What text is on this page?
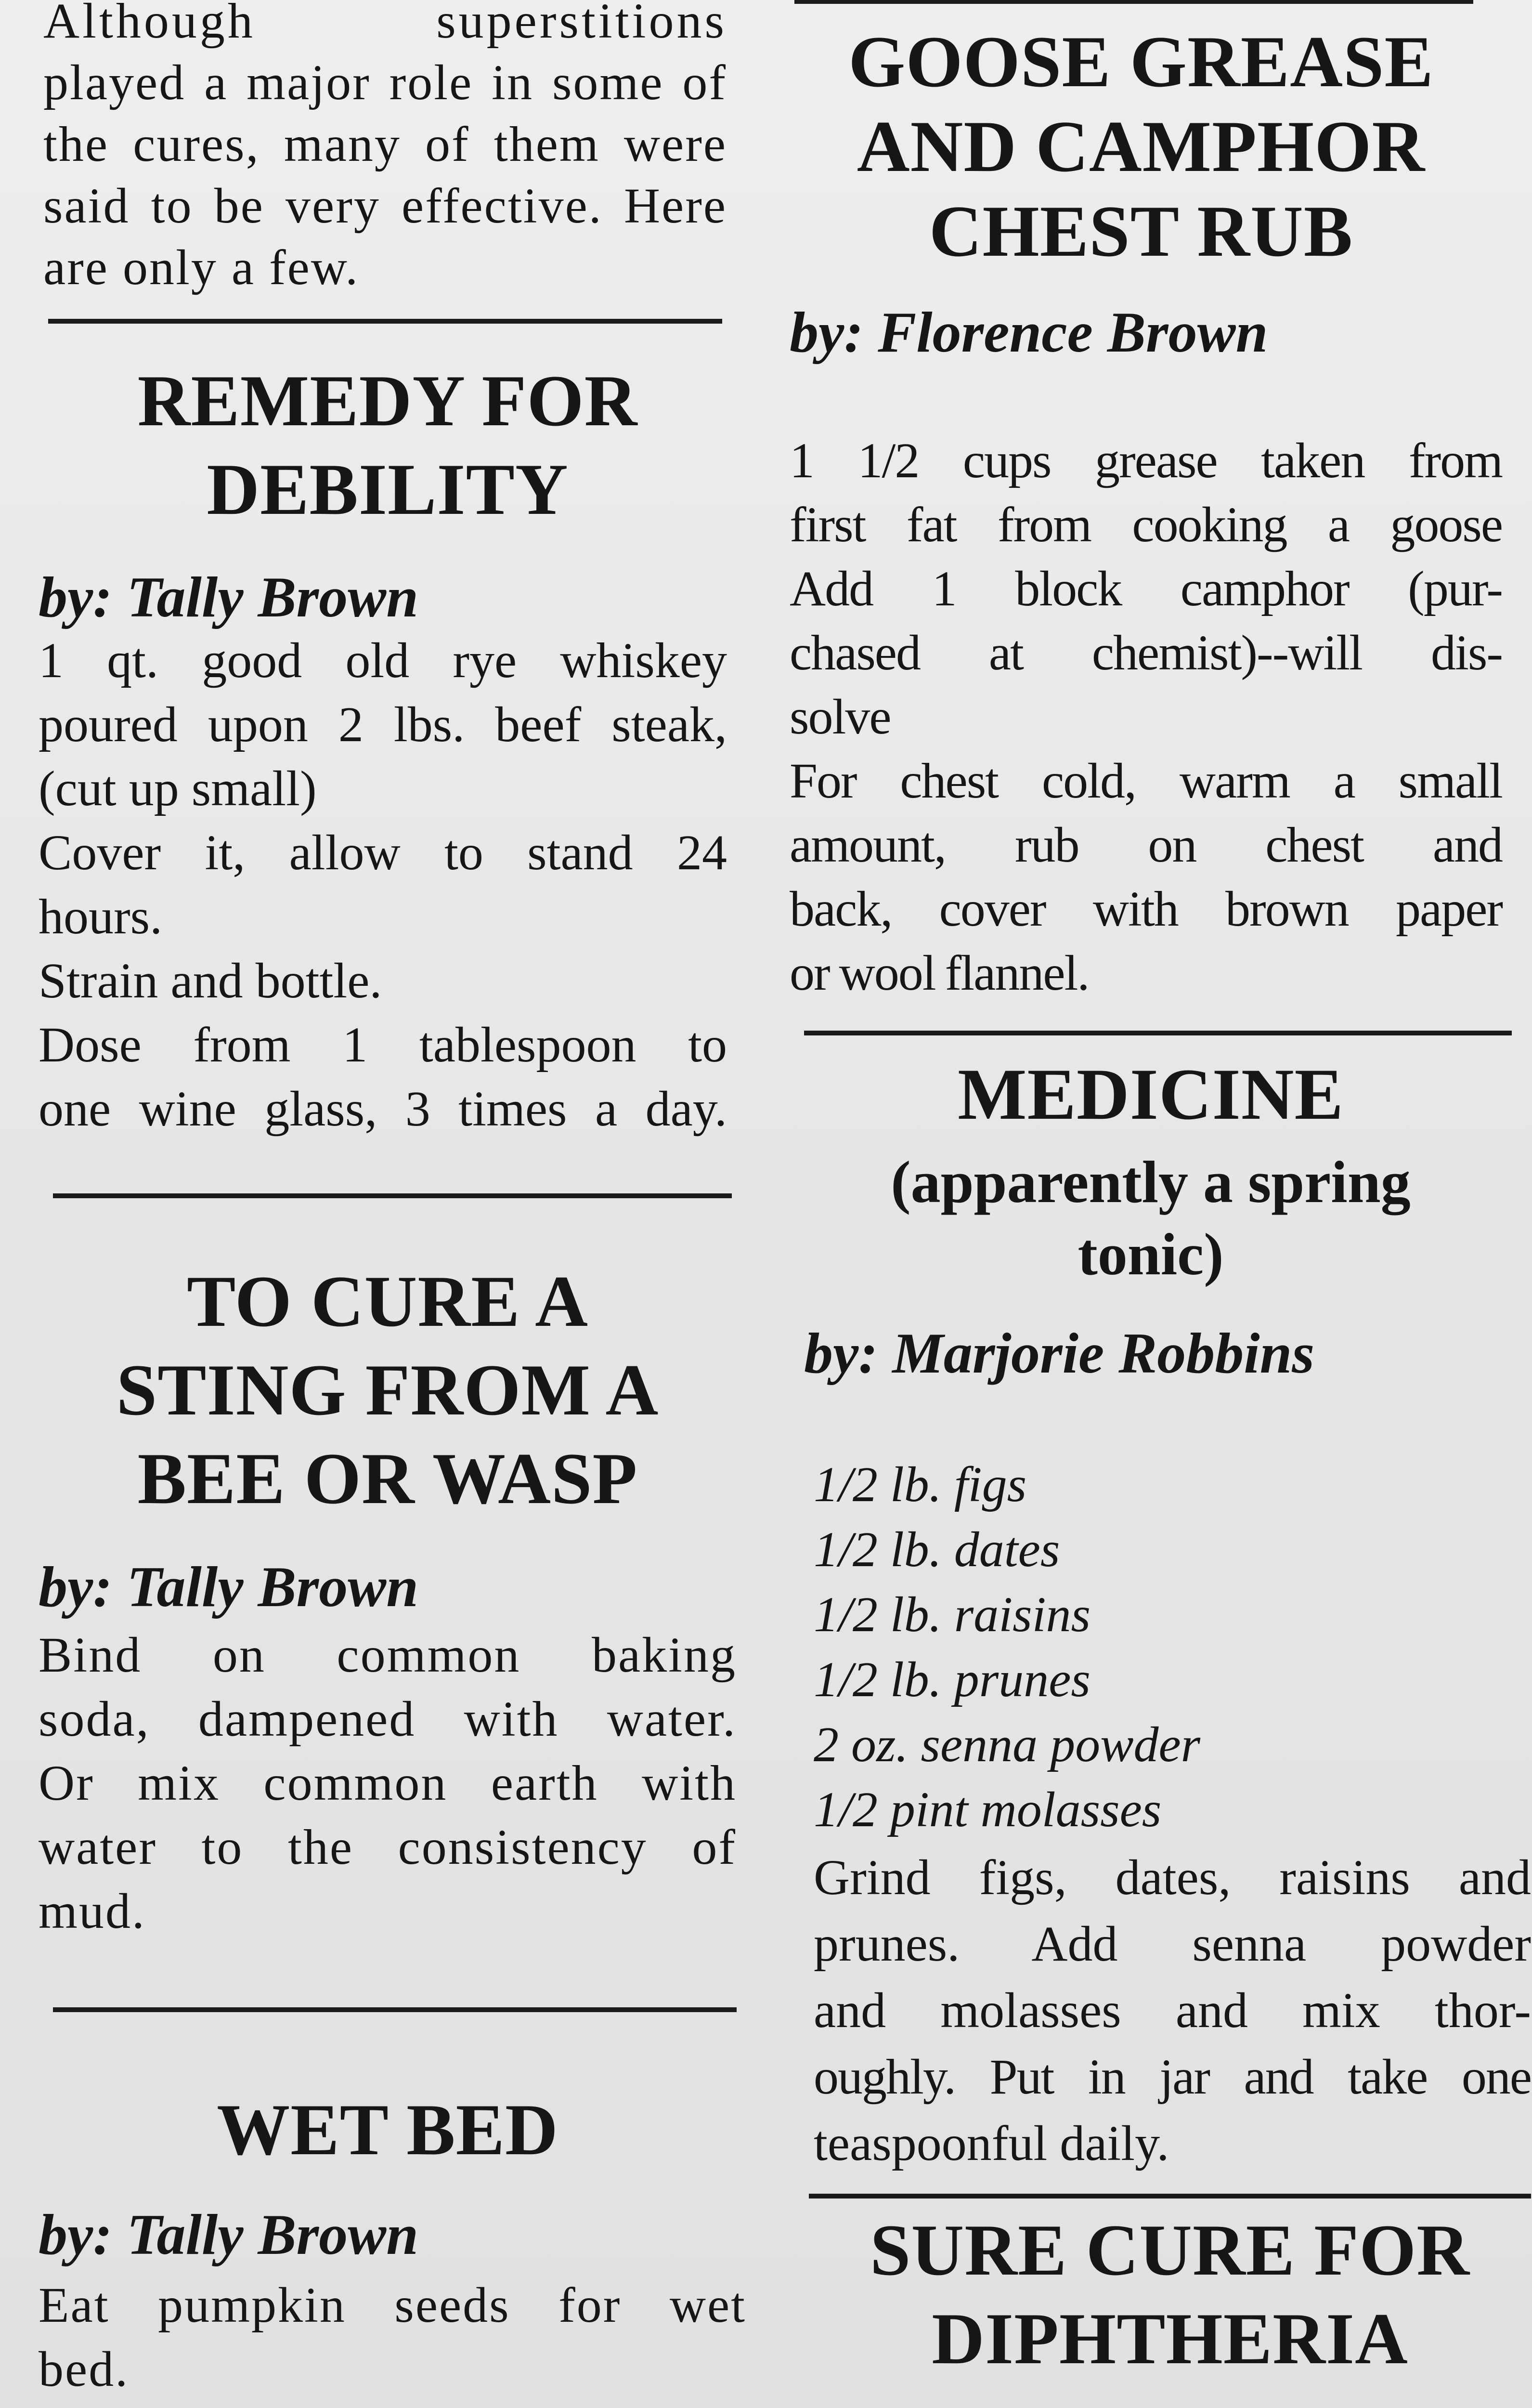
Although superstitions
played a major role in some of
the cures, many of them were
said to be very effective. Here
are only a few.
REMEDY FOR
DEBILITY
by: Tally Brown
1 qt. good old rye whiskey
poured upon 2 lbs. beef steak,
(cut up small)
Cover it, allow to stand 24
hours.
Strain and bottle.
Dose from 1 tablespoon to
one wine glass, 3 times a day.
TO CURE A
STING FROM A
BEE OR WASP
by: Tally Brown
Bind on common baking
soda, dampened with water.
Or mix common earth with
water to the consistency of
mud.
WET BED
by: Tally Brown
Eat pumpkin seeds for wet
bed.
GOOSE GREASE
AND CAMPHOR
CHEST RUB
by: Florence Brown
1 1/2 cups grease taken from
first fat from cooking a goose
Add 1 block camphor (pur-
chased at chemist)--will dis-
solve
For chest cold, warm a small
amount, rub on chest and
back, cover with brown paper
or wool flannel.
MEDICINE
(apparently a spring
tonic)
by: Marjorie Robbins
1/2 lb. figs
1/2 lb. dates
1/2 lb. raisins
1/2 lb. prunes
2 oz. senna powder
1/2 pint molasses
Grind figs, dates, raisins and
prunes. Add senna powder
and molasses and mix thor-
oughly. Put in jar and take one
teaspoonful daily.
SURE CURE FOR
DIPHTHERIA
